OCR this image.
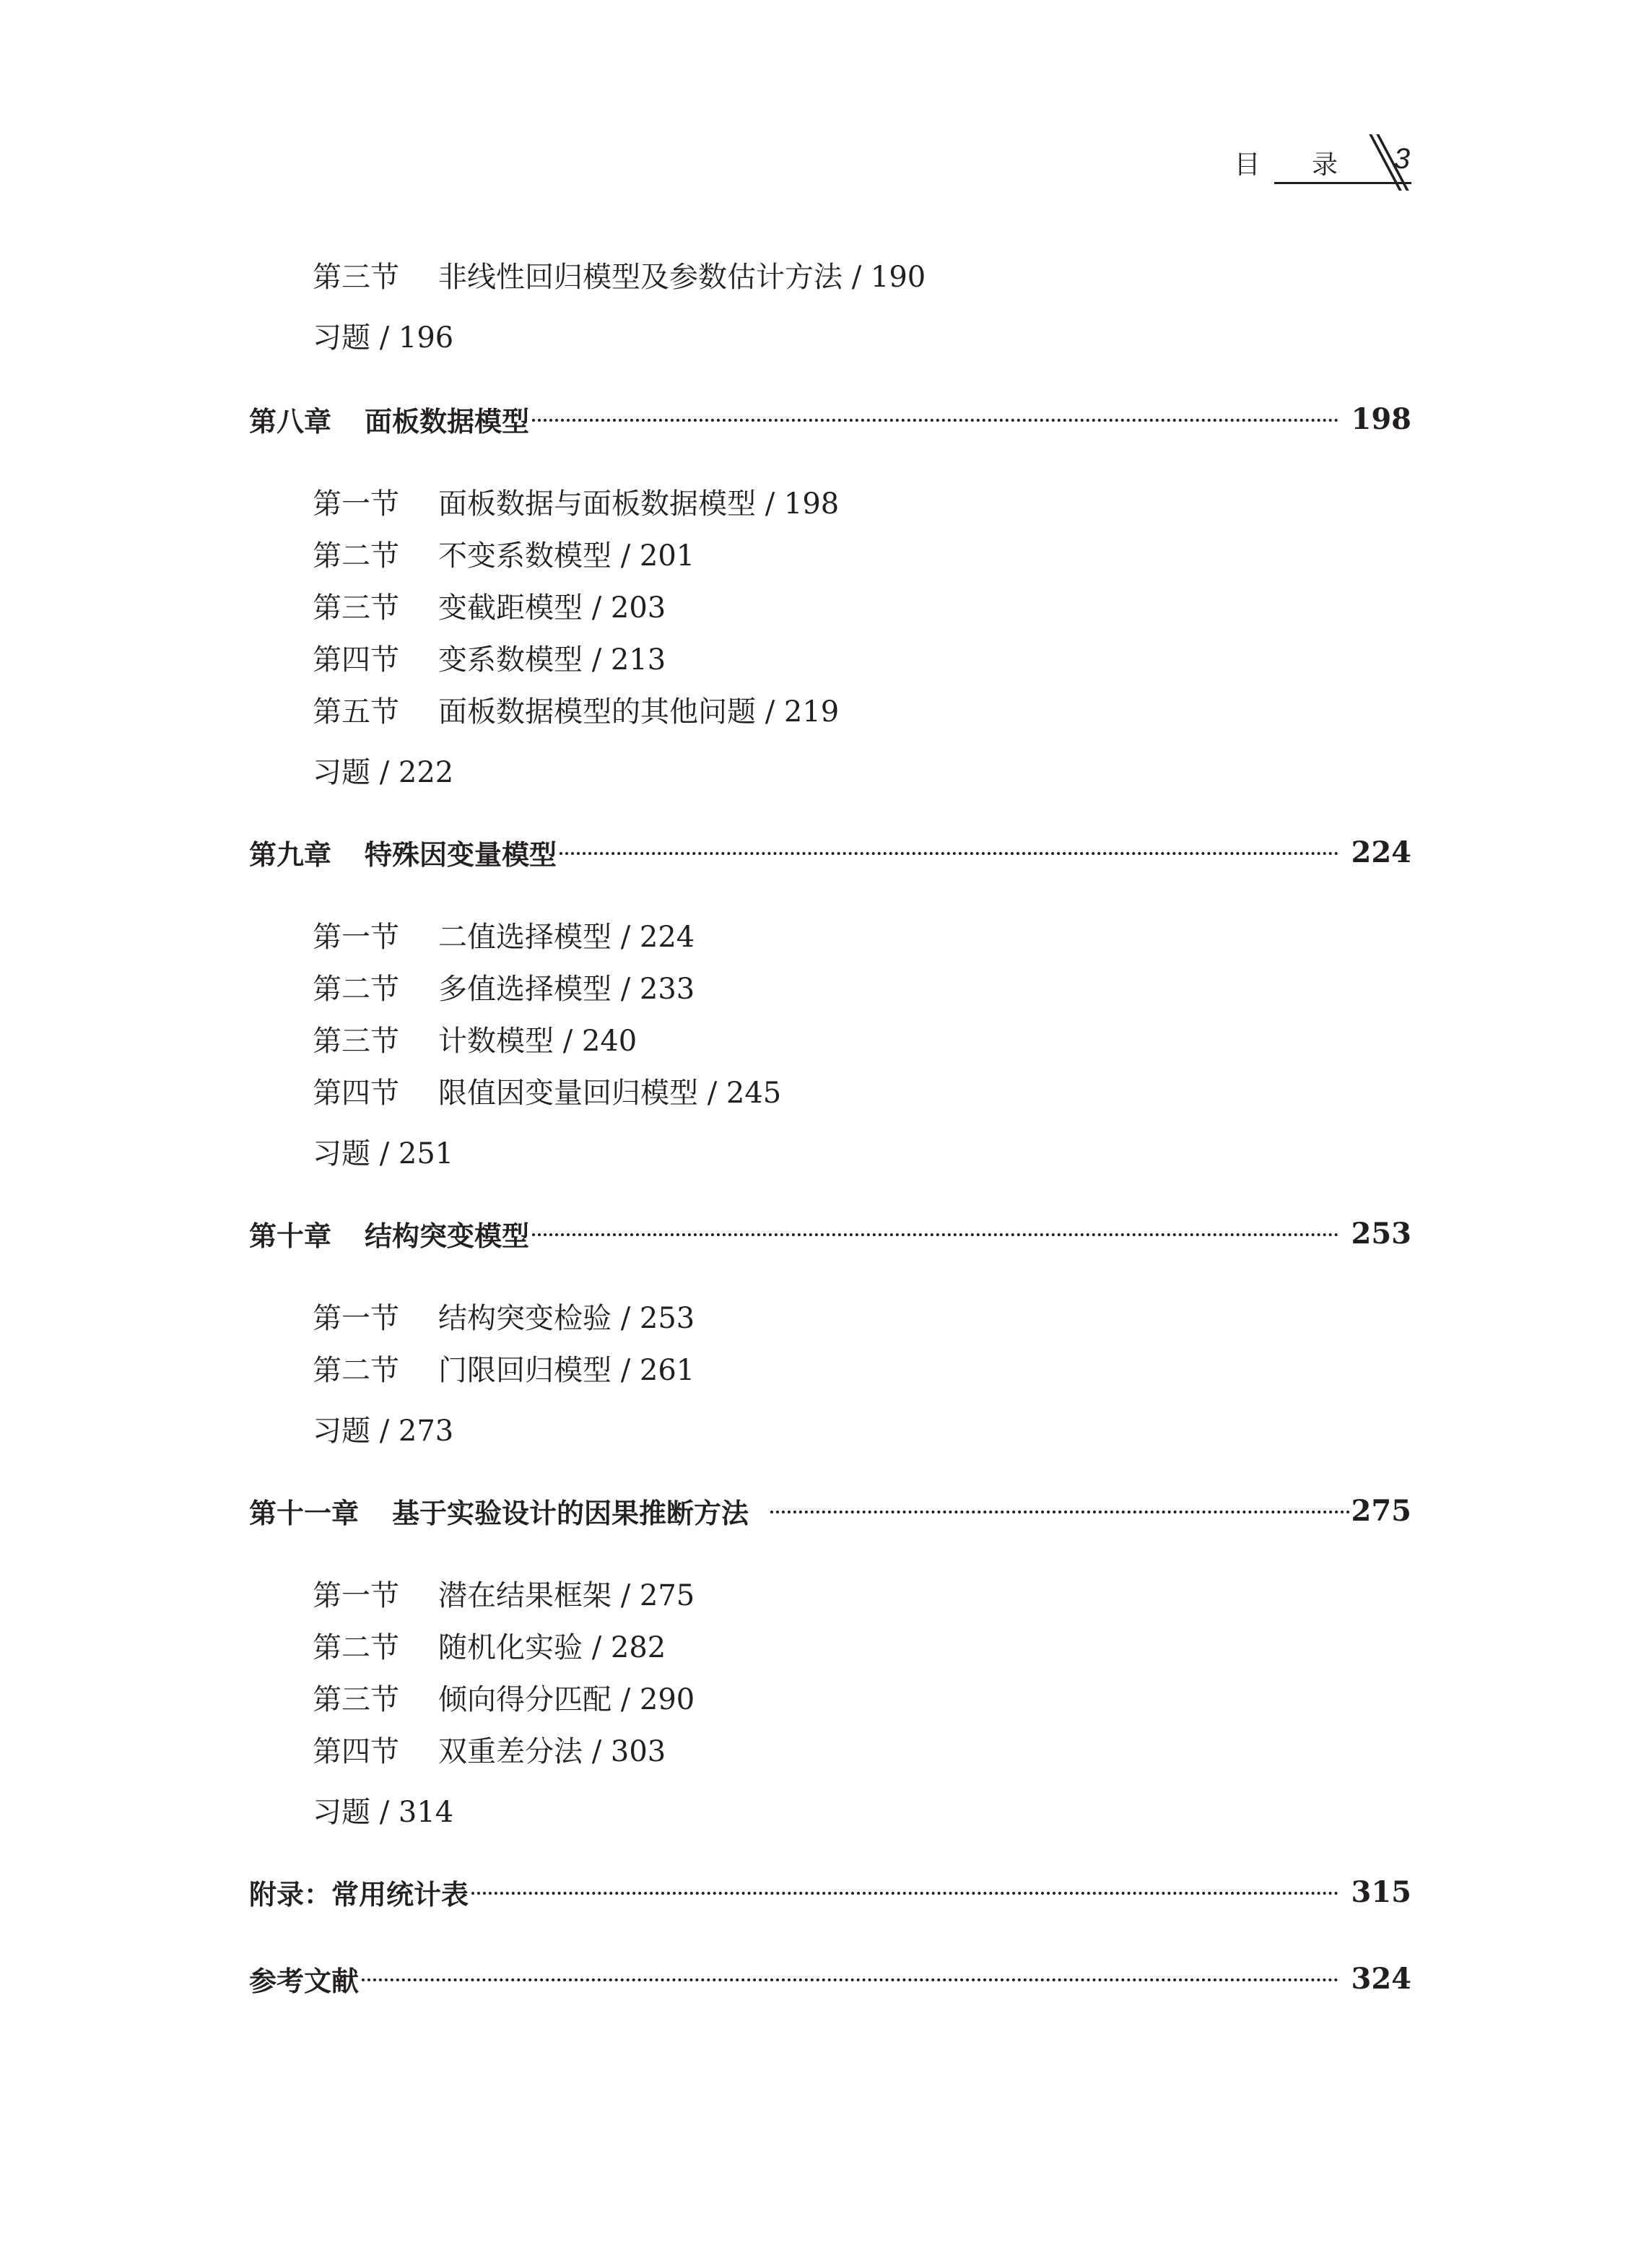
目 录 3
第三节 非线性回归模型及参数估计方法 / 190
习题 / 196
第八章 面板数据模型	198
第一节 面板数据与面板数据模型 / 198
第二节 不变系数模型 / 201
第三节 变截距模型 / 203
第四节 变系数模型 / 213
第五节 面板数据模型的其他问题 / 219
习题 / 222
第九章 特殊因变量模型	224
第一节 二值选择模型 / 224
第二节 多值选择模型 / 233
第三节 计数模型 / 240
第四节 限值因变量回归模型 / 245
习题 / 251
第十章 结构突变模型	253
第一节 结构突变检验 / 253
第二节 门限回归模型 / 261
习题 / 273
第十一章 基于实验设计的因果推断方法	275
第一节 潜在结果框架 / 275
第二节 随机化实验 / 282
第三节 倾向得分匹配 / 290
第四节 双重差分法 / 303
习题 / 314
附录：常用统计表	315
参考文献	324
